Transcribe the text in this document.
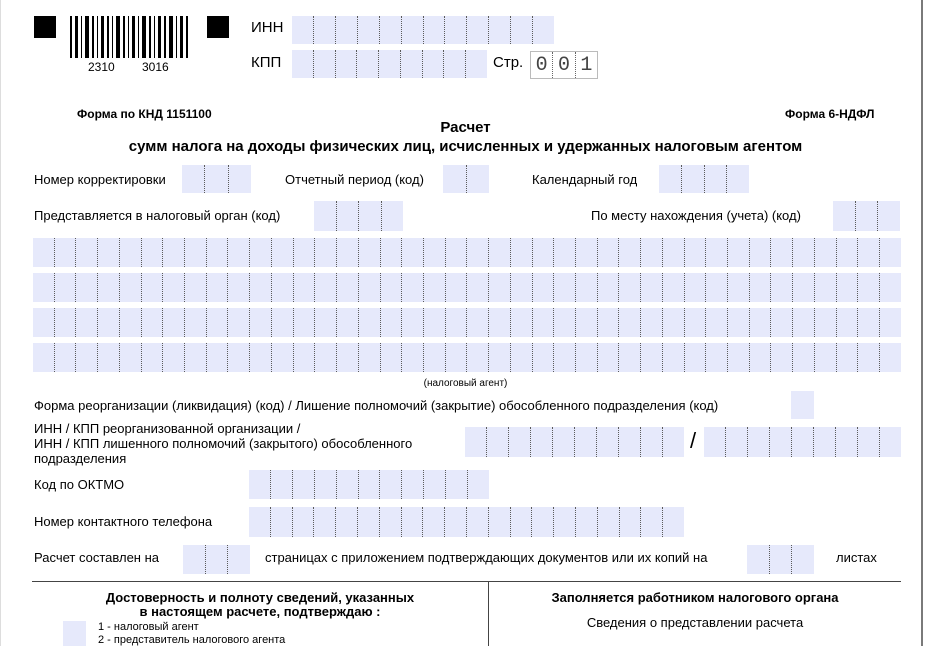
2310 3016
ИНН
КПП	Стр. 0 0 1
Форма по КНД 1151100	Форма 6-НДФЛ
Расчет
сумм налога на доходы физических лиц, исчисленных и удержанных налоговым агентом
Номер корректировки	Отчетный период (код)	Календарный год
Представляется в налоговый орган (код)	По месту нахождения (учета) (код)
(налоговый агент)
Форма реорганизации (ликвидация) (код) / Лишение полномочий (закрытие) обособленного подразделения (код)
ИНН / КПП реорганизованной организации /
ИНН / КПП лишенного полномочий (закрытого) обособленного
подразделения
/
Код по ОКТМО
Номер контактного телефона
Расчет составлен на	страницах с приложением подтверждающих документов или их копий на	листах
Достоверность и полноту сведений, указанных
в настоящем расчете, подтверждаю :
1 - налоговый агент
2 - представитель налогового агента
Заполняется работником налогового органа
Сведения о представлении расчета
